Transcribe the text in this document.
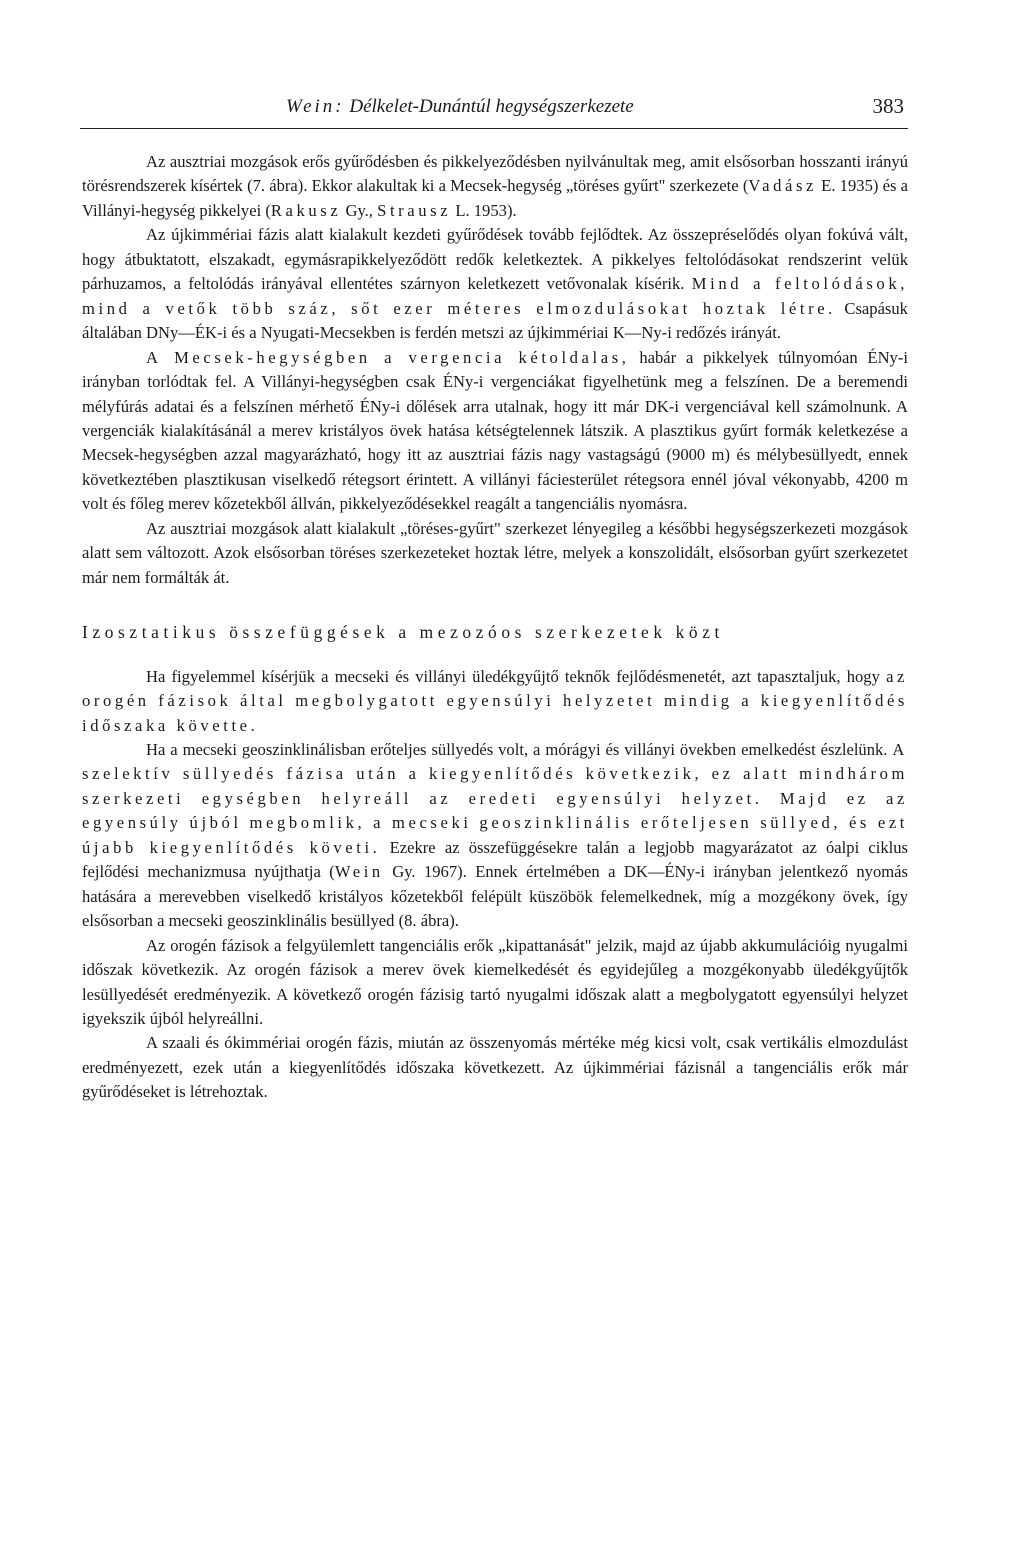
Wein: Délkelet-Dunántúl hegységszerkezete	383

Az ausztriai mozgások erős gyűrődésben és pikkelyeződésben nyilvánultak meg, amit elsősorban hosszanti irányú törésrendszerek kísértek (7. ábra). Ekkor alakultak ki a Mecsek-hegység „töréses gyűrt" szerkezete (Vadász E. 1935) és a Villányi-hegység pikkelyei (Rakusz Gy., Strausz L. 1953).

Az újkimmériai fázis alatt kialakult kezdeti gyűrődések tovább fejlődtek. Az összepréselődés olyan fokúvá vált, hogy átbuktatott, elszakadt, egymásrapikkelyeződött redők keletkeztek. A pikkelyes feltolódásokat rendszerint velük párhuzamos, a feltolódás irányával ellentétes szárnyon keletkezett vetővonalak kísérik. Mind a feltolódások, mind a vetők több száz, sőt ezer méteres elmozdulásokat hoztak létre. Csapásuk általában DNy—ÉK-i és a Nyugati-Mecsekben is ferdén metszi az újkimmériai K—Ny-i redőzés irányát.

A Mecsek-hegységben a vergencia kétoldalas, habár a pikkelyek túlnyomóan ÉNy-i irányban torlódtak fel. A Villányi-hegységben csak ÉNy-i vergenciákat figyelhetünk meg a felszínen. De a beremendi mélyfúrás adatai és a felszínen mérhető ÉNy-i dőlések arra utalnak, hogy itt már DK-i vergenciával kell számolnunk. A vergenciák kialakításánál a merev kristályos övek hatása kétségtelennek látszik. A plasztikus gyűrt formák keletkezése a Mecsek-hegységben azzal magyarázható, hogy itt az ausztriai fázis nagy vastagságú (9000 m) és mélybesüllyedt, ennek következtében plasztikusan viselkedő rétegsort érintett. A villányi fáciesterület rétegsora ennél jóval vékonyabb, 4200 m volt és főleg merev kőzetekből állván, pikkelyeződésekkel reagált a tangenciális nyomásra.

Az ausztriai mozgások alatt kialakult „töréses-gyűrt" szerkezet lényegileg a későbbi hegységszerkezeti mozgások alatt sem változott. Azok elsősorban töréses szerkezeteket hoztak létre, melyek a konszolidált, elsősorban gyűrt szerkezetet már nem formálták át.

Izosztatikus összefüggések a mezozóos szerkezetek közt

Ha figyelemmel kísérjük a mecseki és villányi üledékgyűjtő teknők fejlődésmenetét, azt tapasztaljuk, hogy az orogén fázisok által megbolygatott egyensúlyi helyzetet mindig a kiegyenlítődés időszaka követte.

Ha a mecseki geoszinklinálisban erőteljes süllyedés volt, a mórágyi és villányi övekben emelkedést észlelünk. A szelektív süllyedés fázisa után a kiegyenlítődés következik, ez alatt mindhárom szerkezeti egységben helyreáll az eredeti egyensúlyi helyzet. Majd ez az egyensúly újból megbomlik, a mecseki geoszinklinális erőteljesen süllyed, és ezt újabb kiegyenlítődés követi. Ezekre az összefüggésekre talán a legjobb magyarázatot az óalpi ciklus fejlődési mechanizmusa nyújthatja (Wein Gy. 1967). Ennek értelmében a DK—ÉNy-i irányban jelentkező nyomás hatására a merevebben viselkedő kristályos kőzetekből felépült küszöbök felemelkednek, míg a mozgékony övek, így elsősorban a mecseki geoszinklinális besüllyed (8. ábra).

Az orogén fázisok a felgyülemlett tangenciális erők „kipattanását" jelzik, majd az újabb akkumulációig nyugalmi időszak következik. Az orogén fázisok a merev övek kiemelkedését és egyidejűleg a mozgékonyabb üledékgyűjtők lesüllyedését eredményezik. A következő orogén fázisig tartó nyugalmi időszak alatt a megbolygatott egyensúlyi helyzet igyekszik újból helyreállni.

A szaali és ókimmériai orogén fázis, miután az összenyomás mértéke még kicsi volt, csak vertikális elmozdulást eredményezett, ezek után a kiegyenlítődés időszaka következett. Az újkimmériai fázisnál a tangenciális erők már gyűrődéseket is létrehoztak.
